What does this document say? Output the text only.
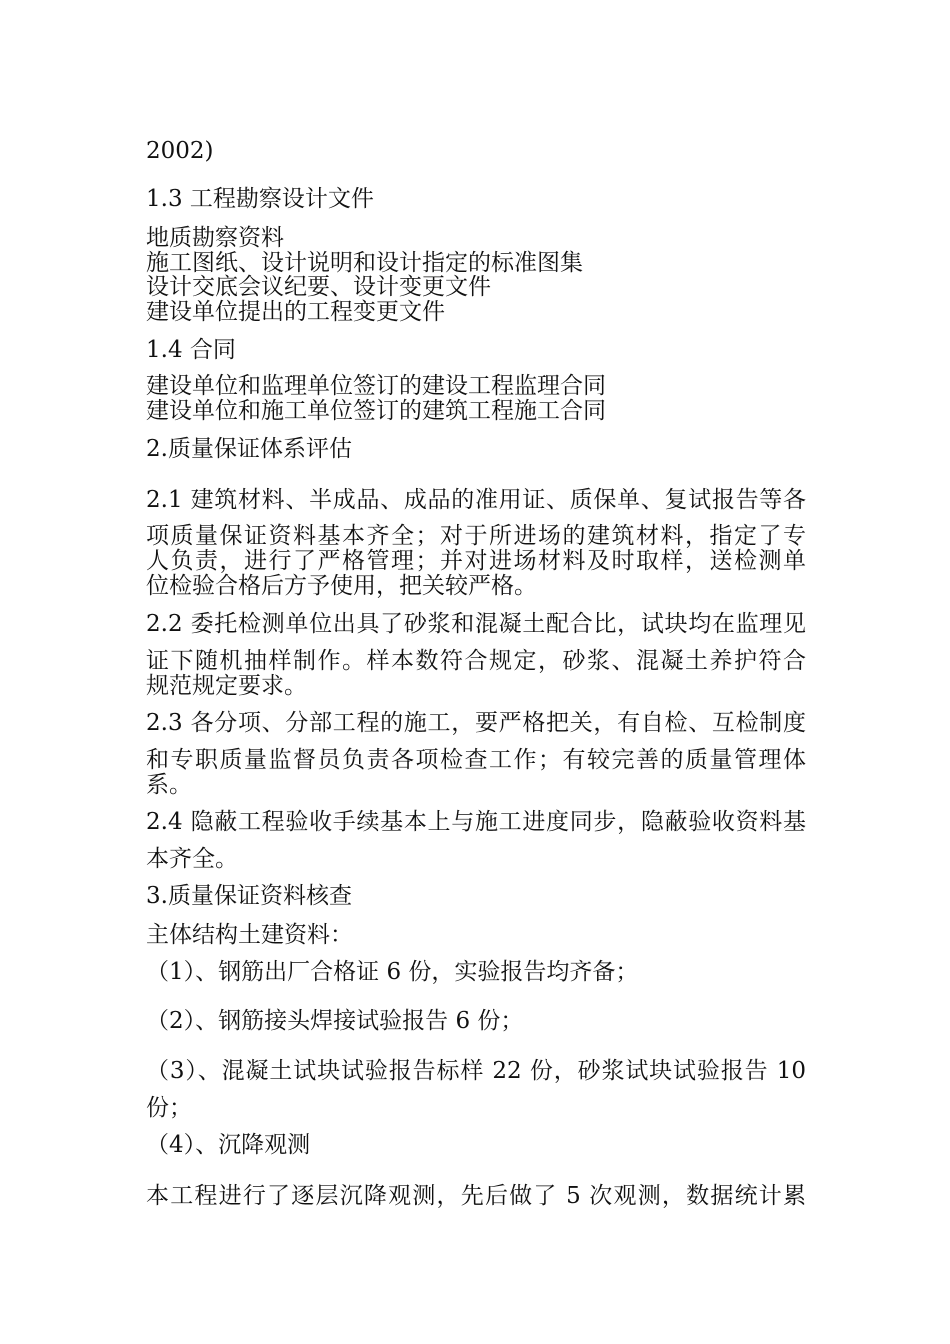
2002)
1.3 工程勘察设计文件
地质勘察资料
施工图纸、设计说明和设计指定的标准图集
设计交底会议纪要、设计变更文件
建设单位提出的工程变更文件
1.4 合同
建设单位和监理单位签订的建设工程监理合同
建设单位和施工单位签订的建筑工程施工合同
2.质量保证体系评估
2.1 建筑材料、半成品、成品的准用证、质保单、复试报告等各
项质量保证资料基本齐全；对于所进场的建筑材料，指定了专
人负责，进行了严格管理；并对进场材料及时取样，送检测单
位检验合格后方予使用，把关较严格。
2.2 委托检测单位出具了砂浆和混凝土配合比，试块均在监理见
证下随机抽样制作。样本数符合规定，砂浆、混凝土养护符合
规范规定要求。
2.3 各分项、分部工程的施工，要严格把关，有自检、互检制度
和专职质量监督员负责各项检查工作；有较完善的质量管理体
系。
2.4 隐蔽工程验收手续基本上与施工进度同步，隐蔽验收资料基
本齐全。
3.质量保证资料核查
主体结构土建资料：
（1）、钢筋出厂合格证 6 份，实验报告均齐备；
（2）、钢筋接头焊接试验报告 6 份；
（3）、混凝土试块试验报告标样 22 份，砂浆试块试验报告 10
份；
（4）、沉降观测
本工程进行了逐层沉降观测，先后做了 5 次观测，数据统计累
